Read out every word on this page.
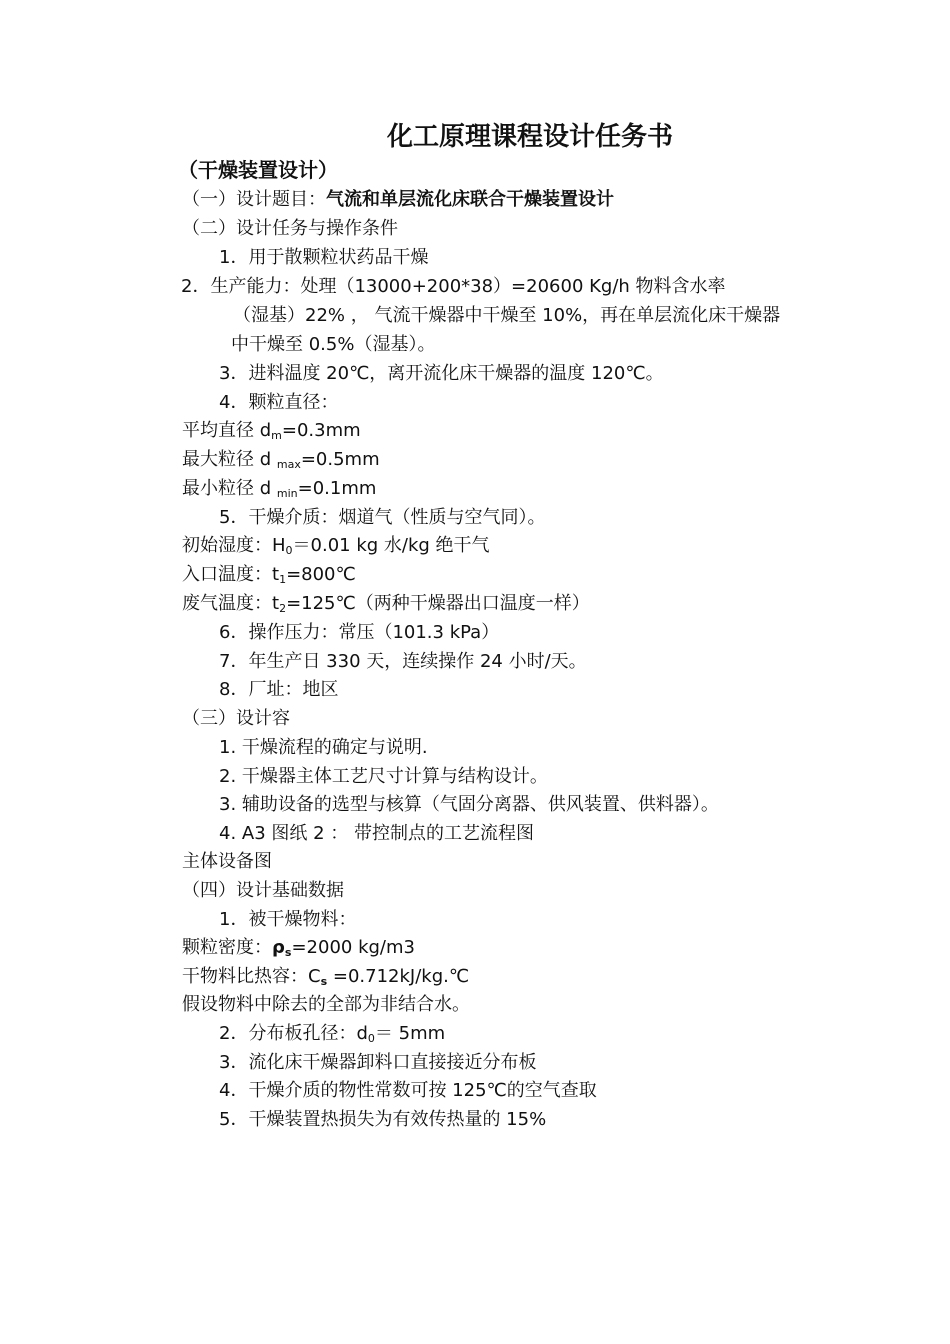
化工原理课程设计任务书
（干燥装置设计）
（一）设计题目：气流和单层流化床联合干燥装置设计
（二）设计任务与操作条件
1．用于散颗粒状药品干燥
2．生产能力：处理（13000+200*38）=20600 Kg/h 物料含水率
（湿基）22% ， 气流干燥器中干燥至 10%，再在单层流化床干燥器
中干燥至 0.5%（湿基）。
3．进料温度 20℃，离开流化床干燥器的温度 120℃。
4．颗粒直径：
平均直径 $d_m=0.3mm$
最大粒径 d $_{max}$=0.5mm
最小粒径 d $_{min}$=0.1mm
5．干燥介质：烟道气（性质与空气同）。
初始湿度：$H_0=0.01$ kg 水/kg 绝干气
入口温度：$t_1=800℃$
废气温度：$t_2=125℃$（两种干燥器出口温度一样）
6．操作压力：常压（101.3 kPa）
7．年生产日 330 天，连续操作 24 小时/天。
8．厂址：地区
（三）设计容
1. 干燥流程的确定与说明.
2. 干燥器主体工艺尺寸计算与结构设计。
3. 辅助设备的选型与核算（气固分离器、供风装置、供料器）。
4. A3 图纸 2 ： 带控制点的工艺流程图
主体设备图
（四）设计基础数据
1．被干燥物料：
颗粒密度：$\rho_s=2000$ kg/m3
干物料比热容：$C_s$ =0.712kJ/kg.℃
假设物料中除去的全部为非结合水。
2．分布板孔径：$d_0= 5mm$
3．流化床干燥器卸料口直接接近分布板
4．干燥介质的物性常数可按 125℃的空气查取
5．干燥装置热损失为有效传热量的 15%
